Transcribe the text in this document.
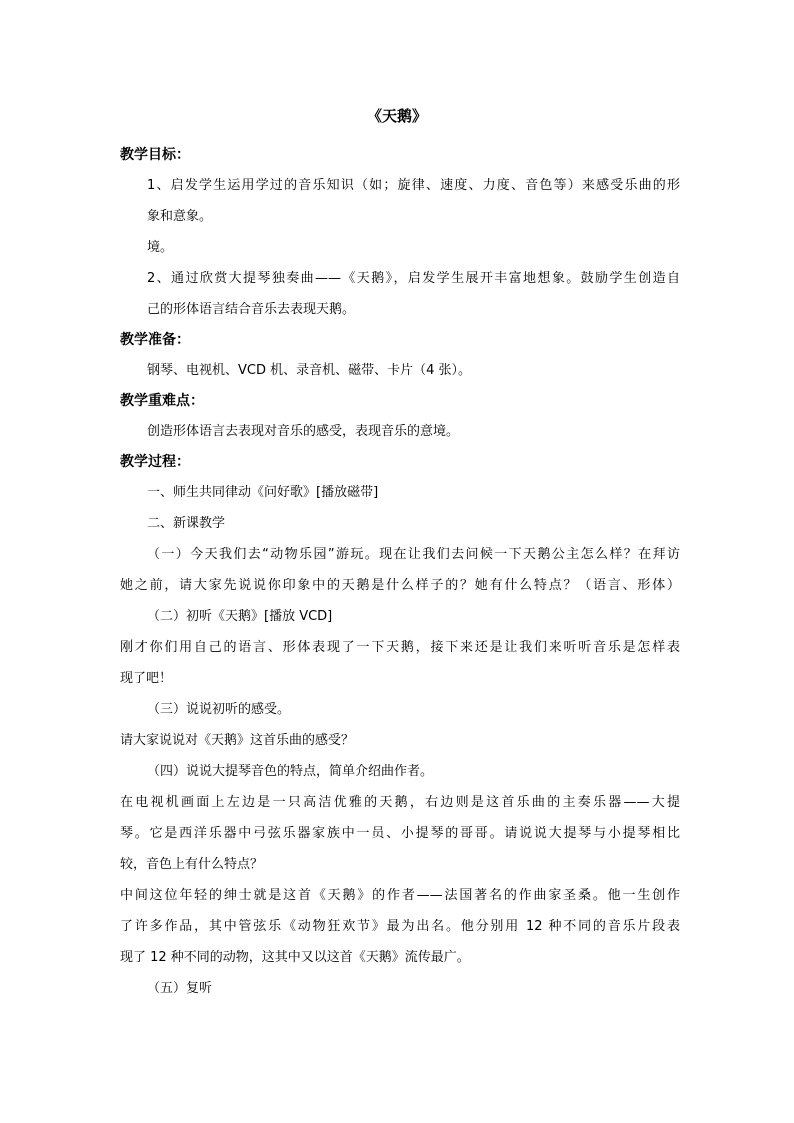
《天鹅》
教学目标：
1、启发学生运用学过的音乐知识（如；旋律、速度、力度、音色等）来感受乐曲的形
象和意象。
境。
2、通过欣赏大提琴独奏曲——《天鹅》，启发学生展开丰富地想象。鼓励学生创造自
己的形体语言结合音乐去表现天鹅。
教学准备：
钢琴、电视机、VCD 机、录音机、磁带、卡片（4 张）。
教学重难点：
创造形体语言去表现对音乐的感受，表现音乐的意境。
教学过程：
一、师生共同律动《问好歌》[播放磁带]
二、新课教学
（一）今天我们去“动物乐园”游玩。现在让我们去问候一下天鹅公主怎么样？在拜访
她之前，请大家先说说你印象中的天鹅是什么样子的？她有什么特点？（语言、形体）
（二）初听《天鹅》[播放 VCD]
刚才你们用自己的语言、形体表现了一下天鹅，接下来还是让我们来听听音乐是怎样表
现了吧！
（三）说说初听的感受。
请大家说说对《天鹅》这首乐曲的感受？
（四）说说大提琴音色的特点，简单介绍曲作者。
在电视机画面上左边是一只高洁优雅的天鹅，右边则是这首乐曲的主奏乐器——大提
琴。它是西洋乐器中弓弦乐器家族中一员、小提琴的哥哥。请说说大提琴与小提琴相比
较，音色上有什么特点？
中间这位年轻的绅士就是这首《天鹅》的作者——法国著名的作曲家圣桑。他一生创作
了许多作品，其中管弦乐《动物狂欢节》最为出名。他分别用 12 种不同的音乐片段表
现了 12 种不同的动物，这其中又以这首《天鹅》流传最广。
（五）复听
